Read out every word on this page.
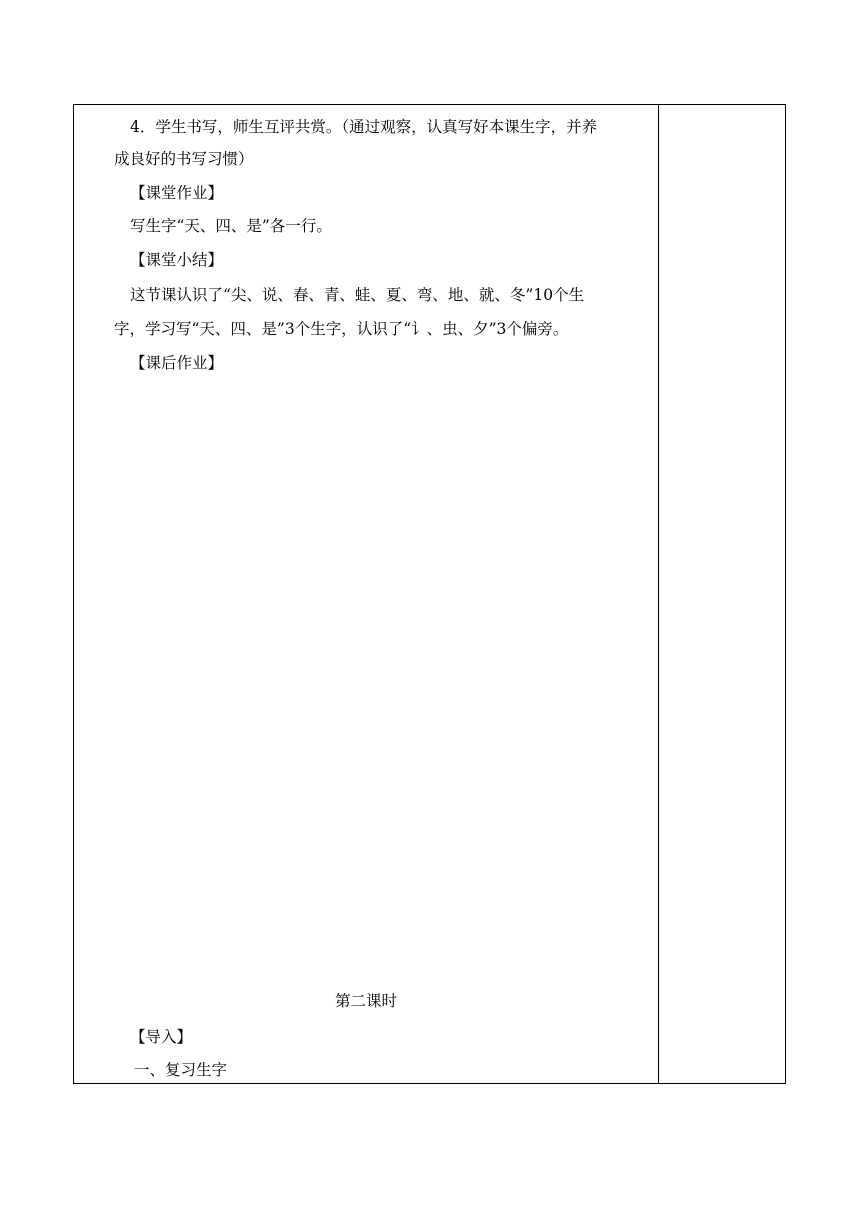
4．学生书写，师生互评共赏。（通过观察，认真写好本课生字，并养
成良好的书写习惯）
【课堂作业】
写生字“天、四、是”各一行。
【课堂小结】
这节课认识了“尖、说、春、青、蛙、夏、弯、地、就、冬”10个生
字，学习写“天、四、是”3个生字，认识了“讠、虫、夕”3个偏旁。
【课后作业】
第二课时
【导入】
一、复习生字
